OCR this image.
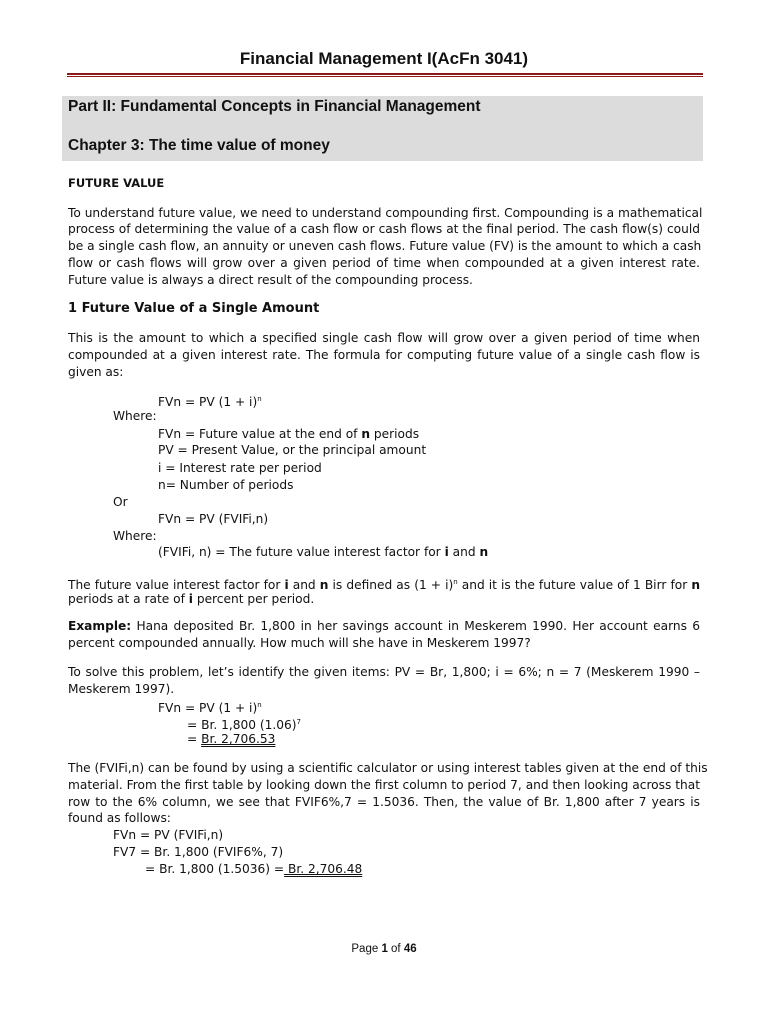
Financial Management I(AcFn 3041)
Part II: Fundamental Concepts in Financial Management
Chapter 3: The time value of money
FUTURE VALUE
To understand future value, we need to understand compounding first. Compounding is a mathematical
process of determining the value of a cash flow or cash flows at the final period. The cash flow(s) could
be a single cash flow, an annuity or uneven cash flows. Future value (FV) is the amount to which a cash
flow or cash flows will grow over a given period of time when compounded at a given interest rate.
Future value is always a direct result of the compounding process.
1 Future Value of a Single Amount
This is the amount to which a specified single cash flow will grow over a given period of time when
compounded at a given interest rate. The formula for computing future value of a single cash flow is
given as:
FVn = PV $(1 + i)^n$
Where:
FVn = Future value at the end of n periods
PV = Present Value, or the principal amount
i = Interest rate per period
n= Number of periods
Or
FVn = PV (FVIFi,n)
Where:
(FVIFi, n) = The future value interest factor for i and n
The future value interest factor for i and n is defined as $(1 + i)^n$ and it is the future value of 1 Birr for n
periods at a rate of i percent per period.
Example: Hana deposited Br. 1,800 in her savings account in Meskerem 1990. Her account earns 6
percent compounded annually. How much will she have in Meskerem 1997?
To solve this problem, let’s identify the given items: PV = Br, 1,800; i = 6%; n = 7 (Meskerem 1990 –
Meskerem 1997).
FVn = PV $(1 + i)^n$
= Br. 1,800 $(1.06)^7$
= Br. 2,706.53
The (FVIFi,n) can be found by using a scientific calculator or using interest tables given at the end of this
material. From the first table by looking down the first column to period 7, and then looking across that
row to the 6% column, we see that FVIF6%,7 = 1.5036. Then, the value of Br. 1,800 after 7 years is
found as follows:
FVn = PV (FVIFi,n)
FV7 = Br. 1,800 (FVIF6%, 7)
= Br. 1,800 (1.5036) = Br. 2,706.48
Page 1 of 46
